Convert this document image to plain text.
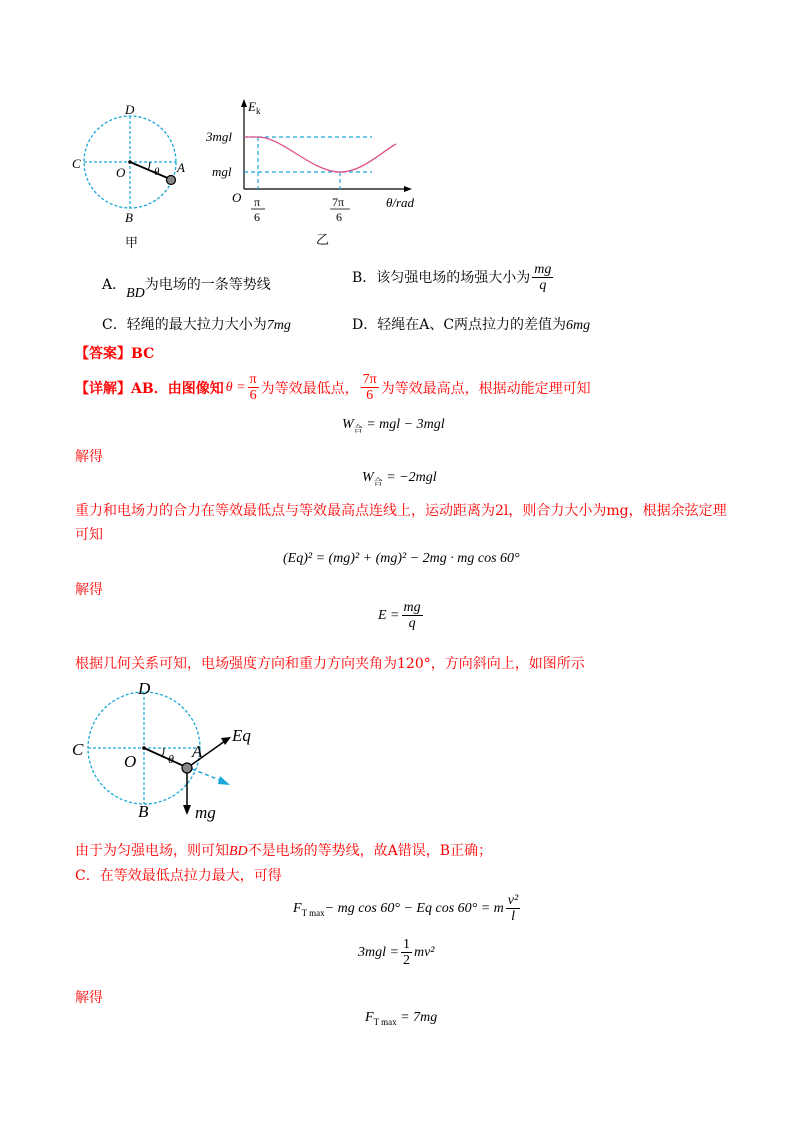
D
C
O	A
θ
B
甲
$E_k$
3mgl
mgl
O π
6
7π
6
θ/rad
乙
A．BD为电场的一条等势线	B．该匀强电场的场强大小为 $\frac{mg}{q}$
C．轻绳的最大拉力大小为7mg	D．轻绳在A、C两点拉力的差值为6mg
【答案】BC
【详解】AB．由图像知 $\theta = \frac{\pi}{6}$ 为等效最低点， $\frac{7\pi}{6}$ 为等效最高点，根据动能定理可知
$W_合$ = mgl − 3mgl
解得
$W_合 = -2mgl$
重力和电场力的合力在等效最低点与等效最高点连线上，运动距离为2l，则合力大小为mg，根据余弦定理
可知
(Eq)² = (mg)² + (mg)² − 2mg · mg cos 60°
解得
$E = \frac{mg}{q}$
根据几何关系可知，电场强度方向和重力方向夹角为120°，方向斜向上，如图所示
D
C
O
A
θ
B
Eq
mg
由于为匀强电场，则可知BD不是电场的等势线，故A错误，B正确；
C．在等效最低点拉力最大，可得
$F_{T max}$ − mg cos 60° − Eq cos 60° = m $\frac{\text{v²}}{l}$
$3mgl = \frac{1}{2} mv^2$
解得
$F_{T max} = 7mg$
